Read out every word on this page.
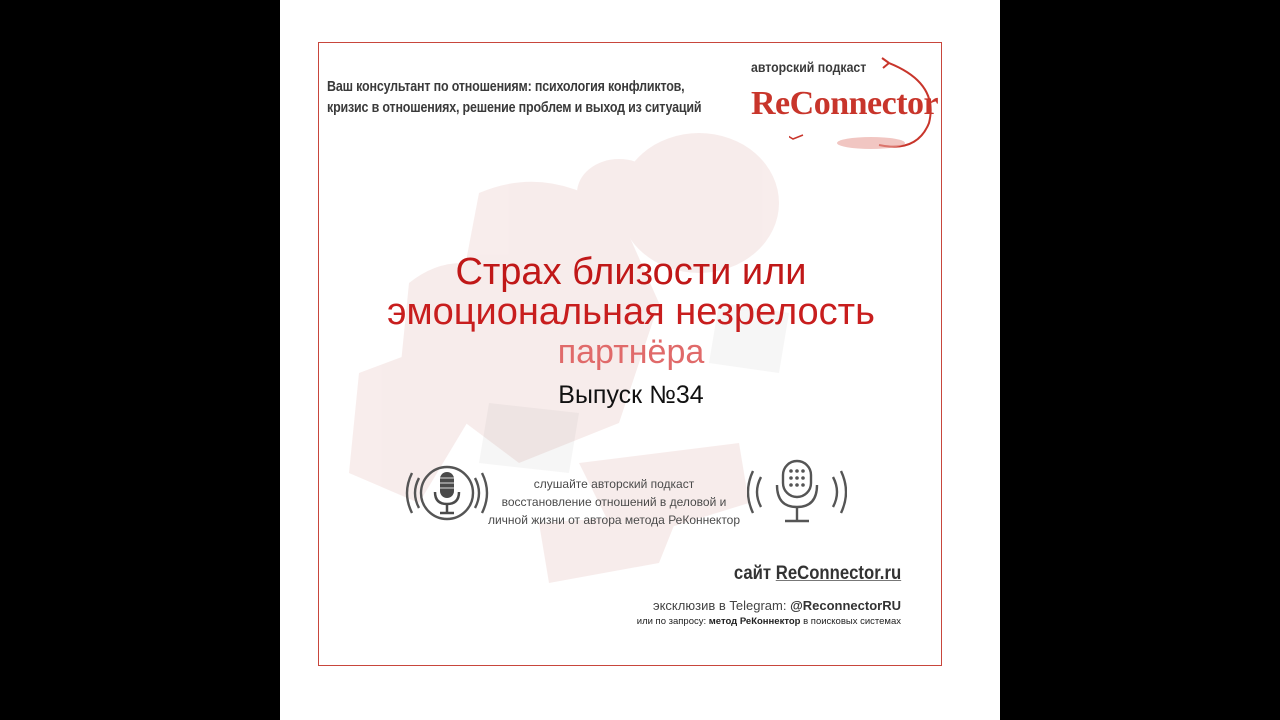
Ваш консультант по отношениям: психология конфликтов,
кризис в отношениях, решение проблем и выход из ситуаций
авторский подкаст
ReConnector
Страх близости или
эмоциональная незрелость
партнёра
Выпуск №34
слушайте авторский подкаст
восстановление отношений в деловой и
личной жизни от автора метода РеКоннектор
сайт ReConnector.ru
эксклюзив в Telegram: @ReconnectorRU
или по запросу: метод РеКоннектор в поисковых системах
